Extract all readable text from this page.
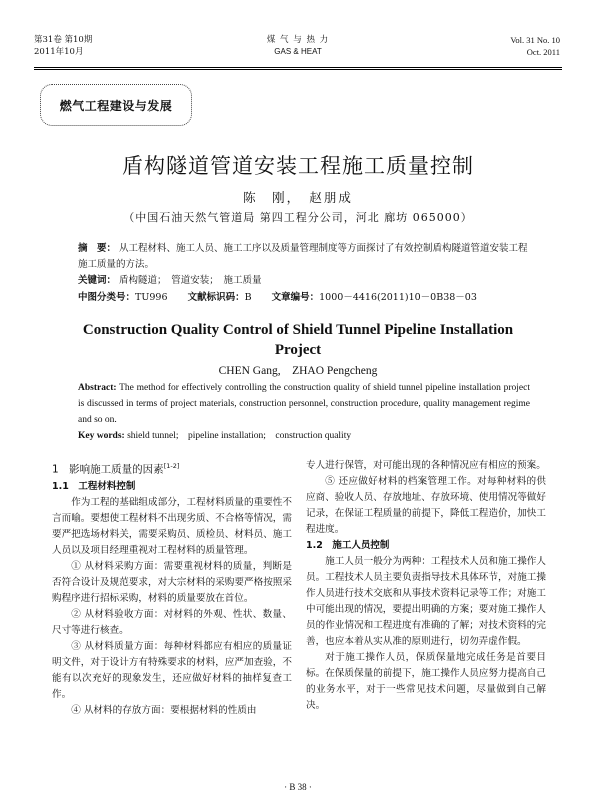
第31卷 第10期
2011年10月
煤 气 与 热 力
GAS & HEAT
Vol. 31 No. 10
Oct. 2011
燃气工程建设与发展
盾构隧道管道安装工程施工质量控制
陈　刚，　赵朋成
（中国石油天然气管道局 第四工程分公司，河北 廊坊 065000）
摘　要： 从工程材料、施工人员、施工工序以及质量管理制度等方面探讨了有效控制盾构隧道管道安装工程施工质量的方法。
关键词： 盾构隧道；　管道安装；　施工质量
中图分类号：TU996 文献标识码：B 文章编号：1000－4416(2011)10－0B38－03
Construction Quality Control of Shield Tunnel Pipeline Installation Project
CHEN Gang,　ZHAO Pengcheng
Abstract: The method for effectively controlling the construction quality of shield tunnel pipeline installation project is discussed in terms of project materials, construction personnel, construction procedure, quality management regime and so on.
Key words: shield tunnel;　pipeline installation;　construction quality
1　影响施工质量的因素[1-2]
1.1　工程材料控制

作为工程的基础组成部分，工程材料质量的重要性不言而喻。要想使工程材料不出现劣质、不合格等情况，需要严把选场材料关，需要采购员、质检员、材料员、施工人员以及项目经理重视对工程材料的质量管理。

① 从材料采购方面：需要重视材料的质量，判断是否符合设计及规范要求，对大宗材料的采购要严格按照采购程序进行招标采购，材料的质量要放在首位。

② 从材料验收方面：对材料的外观、性状、数量、尺寸等进行核查。

③ 从材料质量方面：每种材料都应有相应的质量证明文件，对于设计方有特殊要求的材料，应严加查验，不能有以次充好的现象发生，还应做好材料的抽样复查工作。

④ 从材料的存放方面：要根据材料的性质由

专人进行保管，对可能出现的各种情况应有相应的预案。

⑤ 还应做好材料的档案管理工作。对每种材料的供应商、验收人员、存放地址、存放环境、使用情况等做好记录，在保证工程质量的前提下，降低工程造价，加快工程进度。

1.2　施工人员控制

施工人员一般分为两种：工程技术人员和施工操作人员。工程技术人员主要负责指导技术具体环节，对施工操作人员进行技术交底和从事技术资料记录等工作；对施工中可能出现的情况，要提出明确的方案；要对施工操作人员的作业情况和工程进度有准确的了解；对技术资料的完善，也应本着从实从准的原则进行，切勿弄虚作假。

对于施工操作人员，保质保量地完成任务是首要目标。在保质保量的前提下，施工操作人员应努力提高自己的业务水平，对于一些常见技术问题，尽量做到自己解决。

· B 38 ·
